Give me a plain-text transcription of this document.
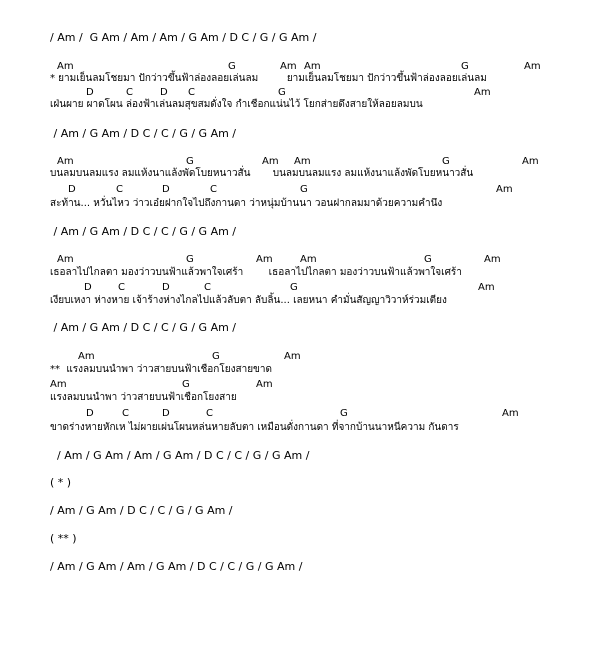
/ Am /  G Am / Am / Am / G Am / D C / G / G Am /
Am	G	Am Am	G	Am
* ยามเย็นลมโชยมา ปักว่าวขึ้นฟ้าล่องลอยเล่นลม         ยามเย็นลมโชยมา ปักว่าวขึ้นฟ้าล่องลอยเล่นลม
D	C	D C	G	Am
เฝ่นผาย ผาดโผน ล่องฟ้าเล่นลมสุขสมดั่งใจ กำเชือกแน่นไว้ โยกส่ายดึงสายให้ลอยลมบน
/ Am / G Am / D C / C / G / G Am /
Am	G	Am Am	G	Am
บนลมบนลมแรง ลมแห้งนาแล้งพัดโบยหนาวสั่น       บนลมบนลมแรง ลมแห้งนาแล้งพัดโบยหนาวสั่น
D	C	D	C	G	Am
สะท้าน... หวั่นไหว ว่าวเอ๋ยฝากใจไปถึงกานดา ว่าหนุ่มบ้านนา วอนฝากลมมาด้วยความคำนึง
/ Am / G Am / D C / C / G / G Am /
Am	G	Am	Am	G	Am
เธอลาไปไกลตา มองว่าวบนฟ้าแล้วพาใจเศร้า        เธอลาไปไกลตา มองว่าวบนฟ้าแล้วพาใจเศร้า
D	C	D	C	G	Am
เงียบเหงา ห่างหาย เจ้าร้างห่างไกลไปแล้วลับตา ลับลิ้น... เลยหนา คำมั่นสัญญาวิวาห์ร่วมเตียง
/ Am / G Am / D C / C / G / G Am /
Am	G	Am
**  แรงลมบนนำพา ว่าวสายบนฟ้าเชือกโยงสายขาด
Am	G	Am
แรงลมบนนำพา ว่าวสายบนฟ้าเชือกโยงสาย
D	C	D	C	G	Am
ขาดร่างหายหักเห ไม่ผายเผ่นโผนหล่นหายลับตา เหมือนดั่งกานดา ที่จากบ้านนาหนีความ กันดาร
/ Am / G Am / Am / G Am / D C / C / G / G Am /
( * )
/ Am / G Am / D C / C / G / G Am /
( ** )
/ Am / G Am / Am / G Am / D C / C / G / G Am /
